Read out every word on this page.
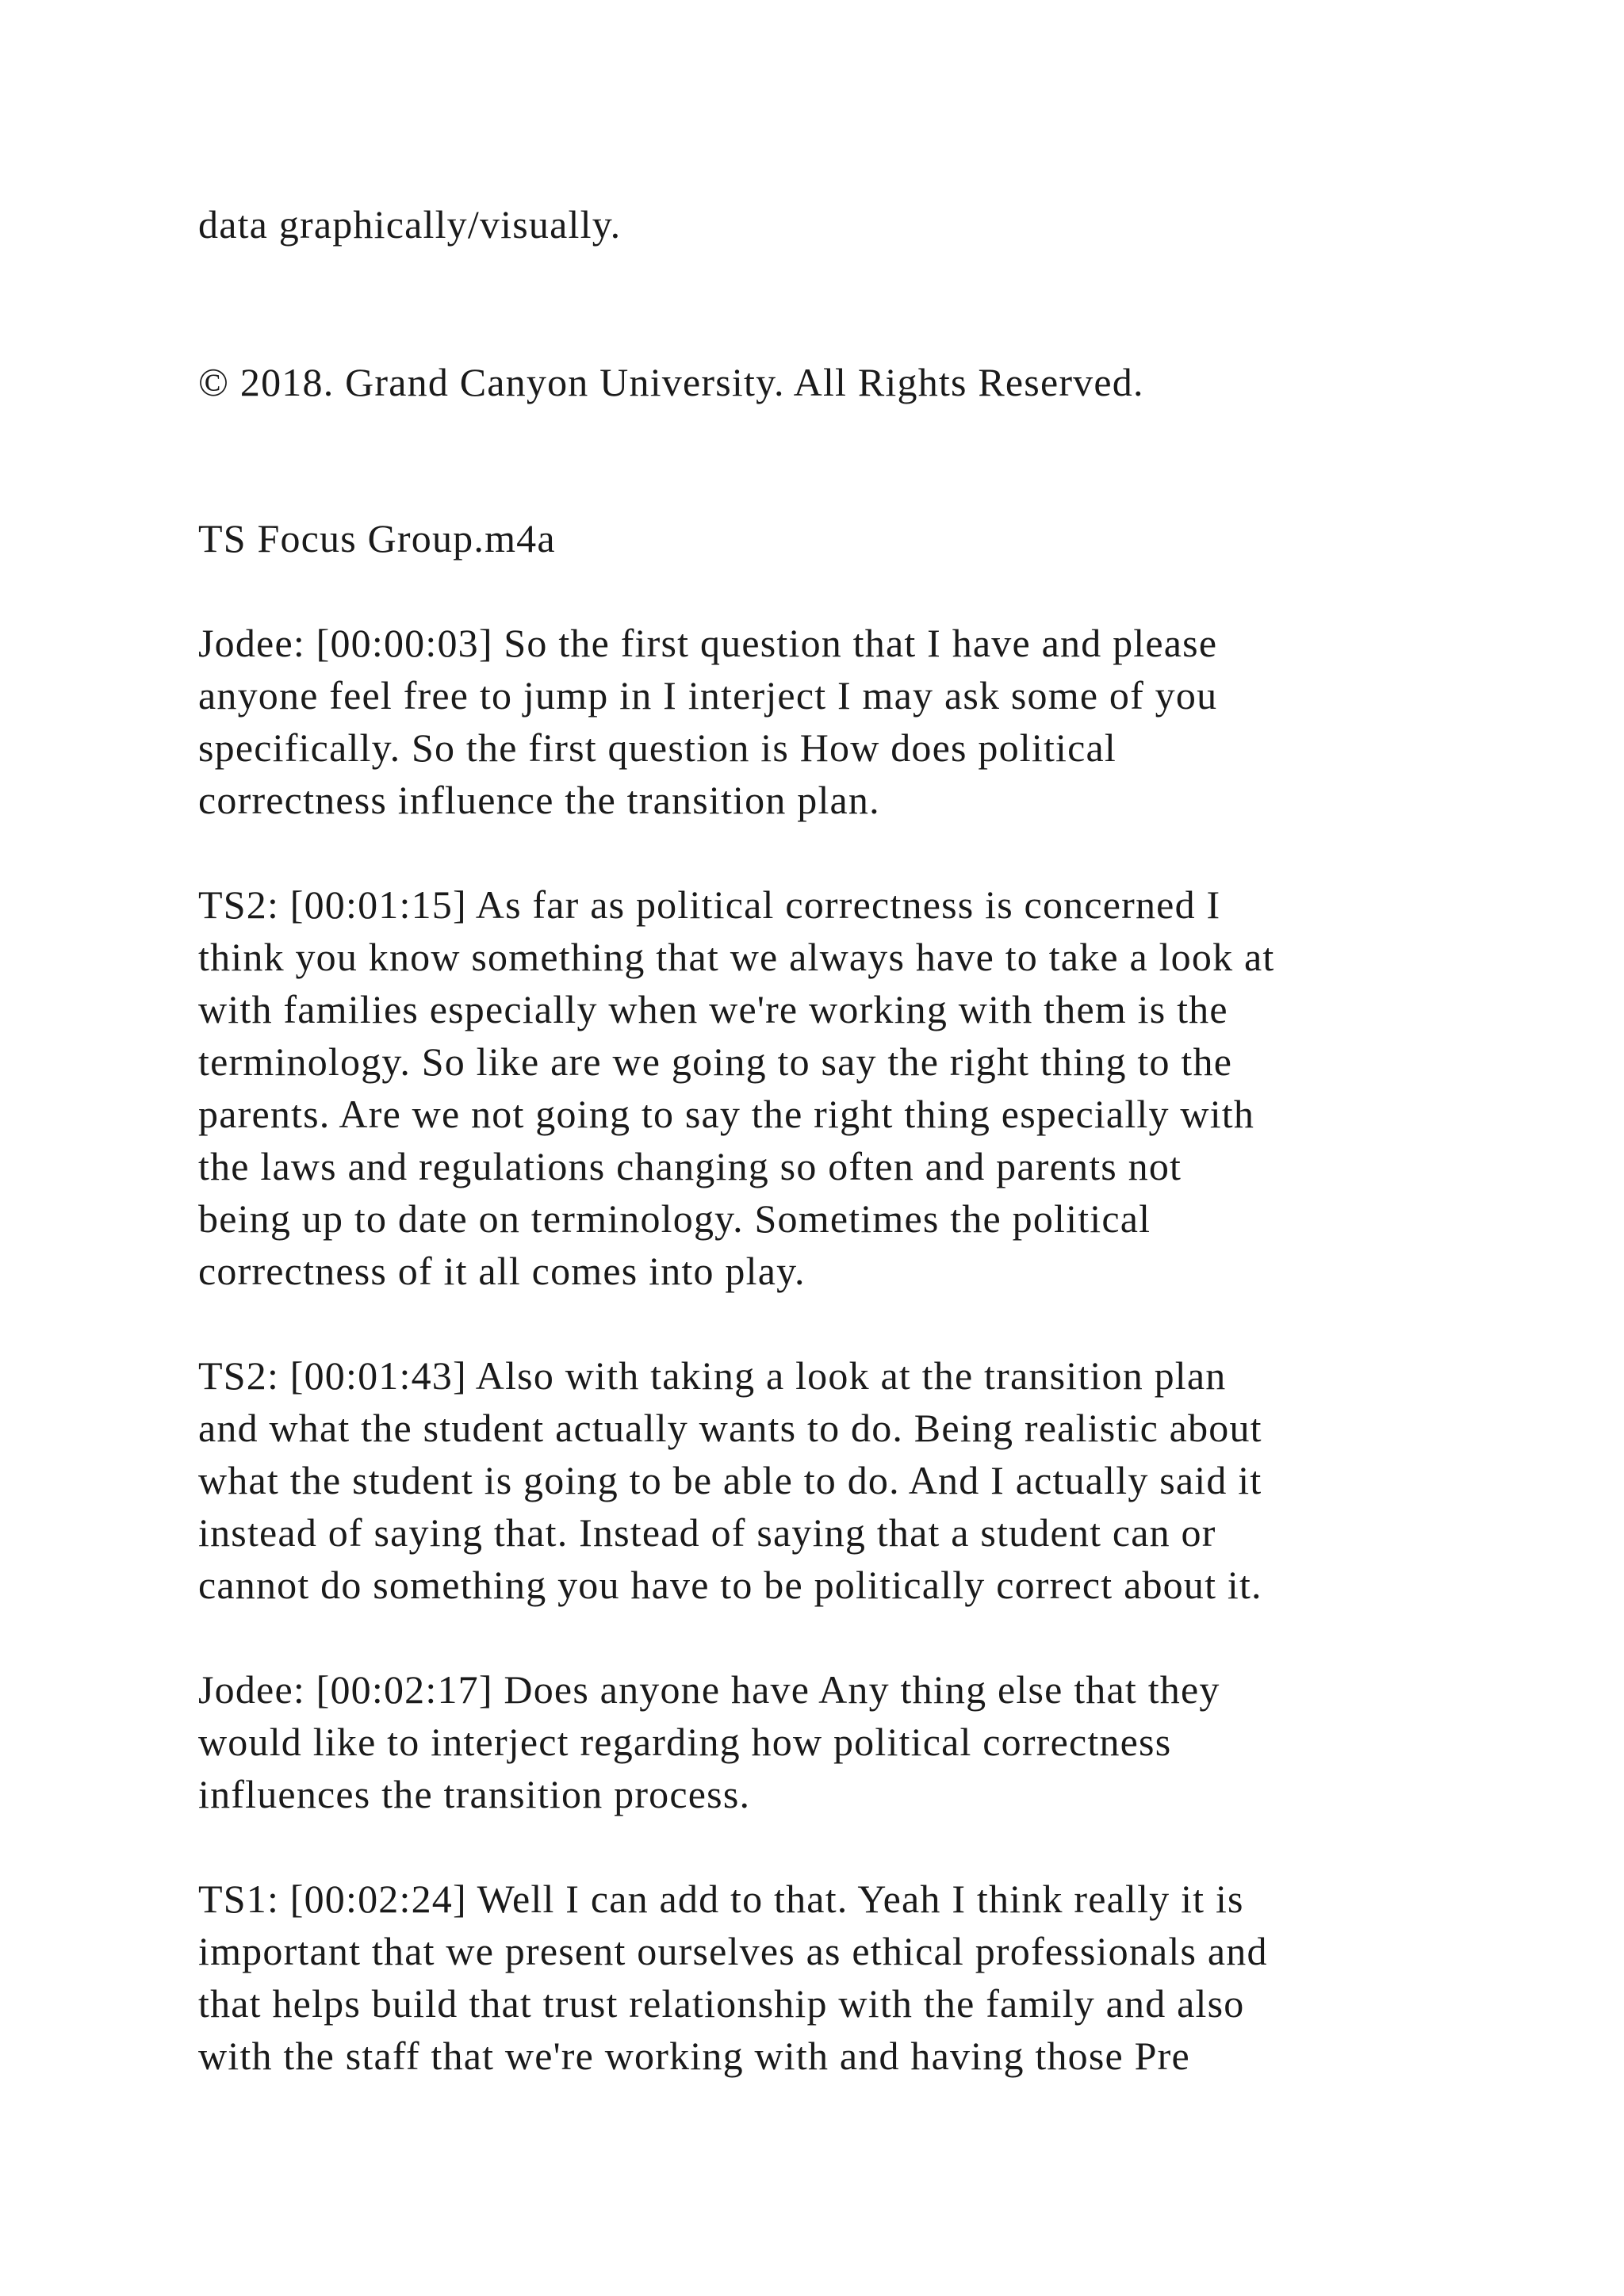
data graphically/visually.

© 2018. Grand Canyon University. All Rights Reserved.

TS Focus Group.m4a

Jodee: [00:00:03] So the first question that I have and please

anyone feel free to jump in I interject I may ask some of you

specifically. So the first question is How does political

correctness influence the transition plan.

TS2: [00:01:15] As far as political correctness is concerned I

think you know something that we always have to take a look at

with families especially when we're working with them is the

terminology. So like are we going to say the right thing to the

parents. Are we not going to say the right thing especially with

the laws and regulations changing so often and parents not

being up to date on terminology. Sometimes the political

correctness of it all comes into play.

TS2: [00:01:43] Also with taking a look at the transition plan

and what the student actually wants to do. Being realistic about

what the student is going to be able to do. And I actually said it

instead of saying that. Instead of saying that a student can or

cannot do something you have to be politically correct about it.

Jodee: [00:02:17] Does anyone have Any thing else that they

would like to interject regarding how political correctness

influences the transition process.

TS1: [00:02:24] Well I can add to that. Yeah I think really it is

important that we present ourselves as ethical professionals and

that helps build that trust relationship with the family and also

with the staff that we're working with and having those Pre
